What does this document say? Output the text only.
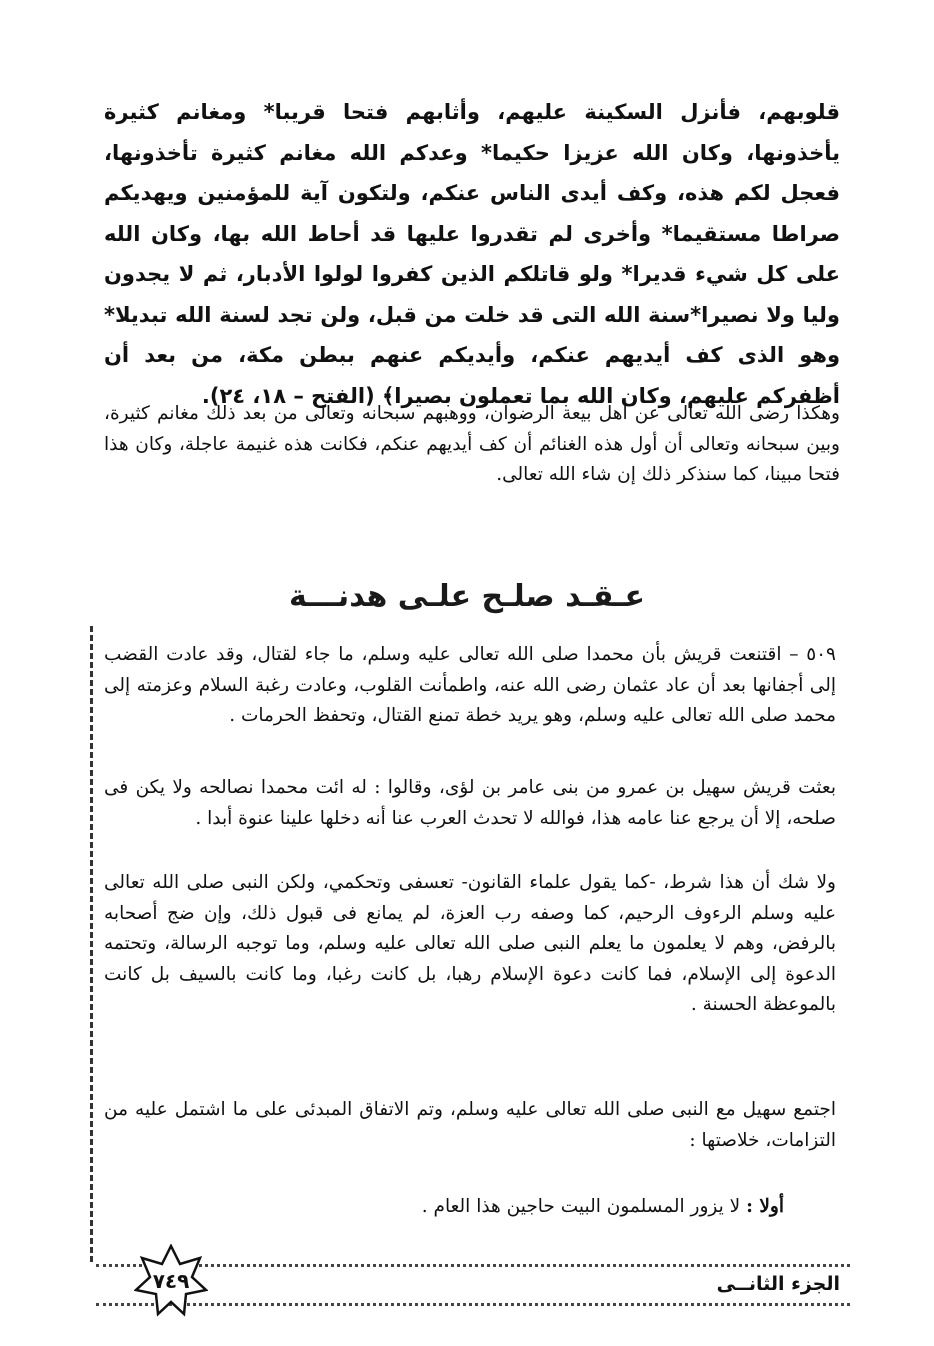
قلوبهم، فأنزل السكينة عليهم، وأثابهم فتحا قريبا* ومغانم كثيرة يأخذونها، وكان الله عزيزا حكيما* وعدكم الله مغانم كثيرة تأخذونها، فعجل لكم هذه، وكف أيدى الناس عنكم، ولتكون آية للمؤمنين ويهديكم صراطا مستقيما* وأخرى لم تقدروا عليها قد أحاط الله بها، وكان الله على كل شيء قديرا* ولو قاتلكم الذين كفروا لولوا الأدبار، ثم لا يجدون وليا ولا نصيرا*سنة الله التى قد خلت من قبل، ولن تجد لسنة الله تبديلا* وهو الذى كف أيديهم عنكم، وأيديكم عنهم ببطن مكة، من بعد أن أظفركم عليهم، وكان الله بما تعملون بصيرا﴾ (الفتح – ١٨، ٢٤).
وهكذا رضى الله تعالى عن أهل بيعة الرضوان، ووهبهم سبحانه وتعالى من بعد ذلك مغانم كثيرة، وبين سبحانه وتعالى أن أول هذه الغنائم أن كف أيديهم عنكم، فكانت هذه غنيمة عاجلة، وكان هذا فتحا مبينا، كما سنذكر ذلك إن شاء الله تعالى.
عـقـد صلـح علـى هدنـــة
٥٠٩ – اقتنعت قريش بأن محمدا صلى الله تعالى عليه وسلم، ما جاء لقتال، وقد عادت القضب إلى أجفانها بعد أن عاد عثمان رضى الله عنه، واطمأنت القلوب، وعادت رغبة السلام وعزمته إلى محمد صلى الله تعالى عليه وسلم، وهو يريد خطة تمنع القتال، وتحفظ الحرمات .
بعثت قريش سهيل بن عمرو من بنى عامر بن لؤى، وقالوا : له ائت محمدا نصالحه ولا يكن فى صلحه، إلا أن يرجع عنا عامه هذا، فوالله لا تحدث العرب عنا أنه دخلها علينا عنوة أبدا .
ولا شك أن هذا شرط، -كما يقول علماء القانون- تعسفى وتحكمي، ولكن النبى صلى الله تعالى عليه وسلم الرءوف الرحيم، كما وصفه رب العزة، لم يمانع فى قبول ذلك، وإن ضج أصحابه بالرفض، وهم لا يعلمون ما يعلم النبى صلى الله تعالى عليه وسلم، وما توجبه الرسالة، وتحتمه الدعوة إلى الإسلام، فما كانت دعوة الإسلام رهبا، بل كانت رغبا، وما كانت بالسيف بل كانت بالموعظة الحسنة .
اجتمع سهيل مع النبى صلى الله تعالى عليه وسلم، وتم الاتفاق المبدئى على ما اشتمل عليه من التزامات، خلاصتها :
أولا : لا يزور المسلمون البيت حاجين هذا العام .
٧٤٩	الجزء الثانــى
